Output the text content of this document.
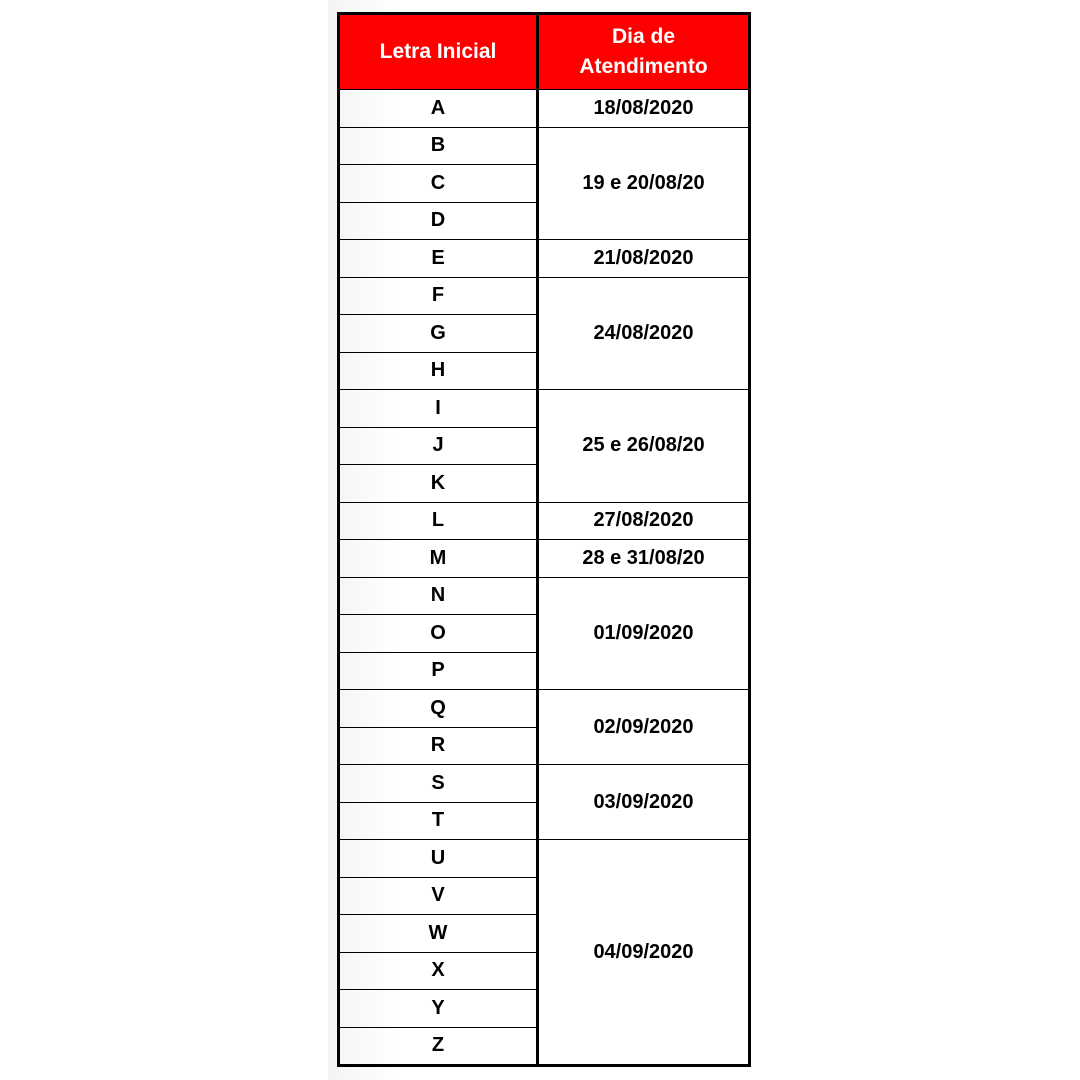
Letra Inicial	Dia de
Atendimento
A	18/08/2020
B	19 e 20/08/20
C	
D	
E	21/08/2020
F	24/08/2020
G	
H	
I	25 e 26/08/20
J	
K	
L	27/08/2020
M	28 e 31/08/20
N	01/09/2020
O	
P	
Q	02/09/2020
R	
S	03/09/2020
T	
U	04/09/2020
V	
W	
X	
Y	
Z	
